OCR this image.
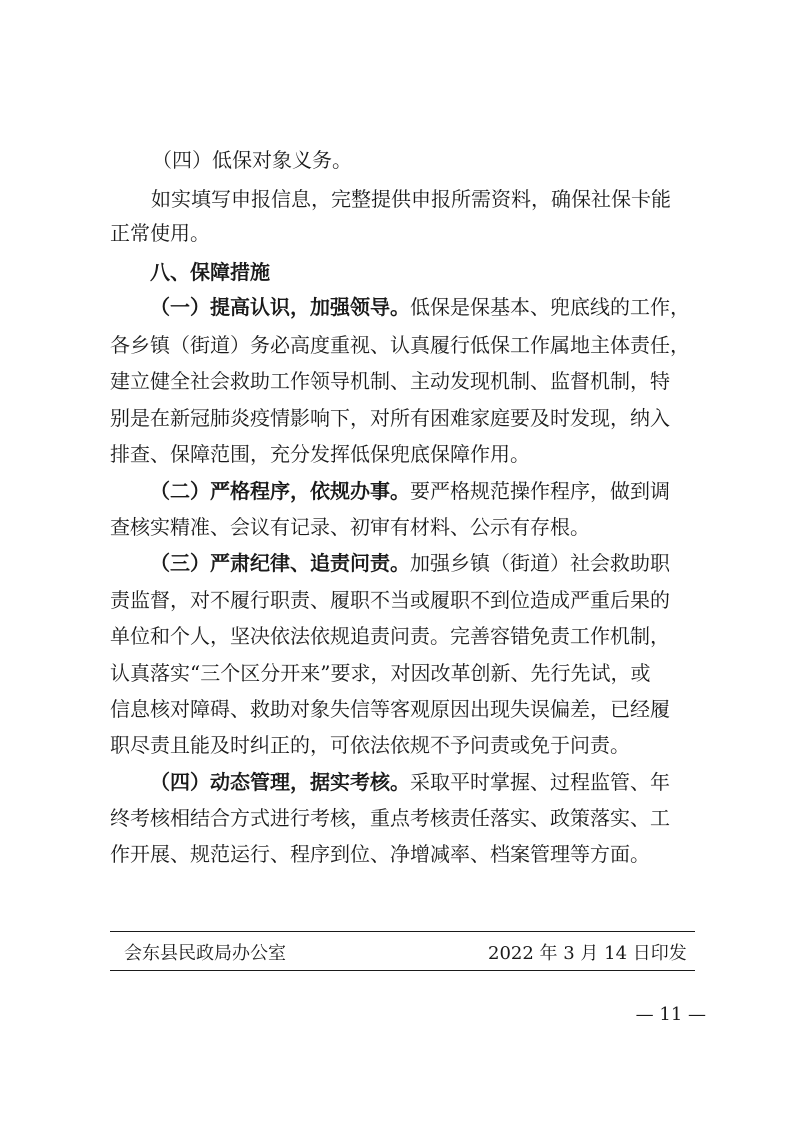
（四）低保对象义务。
如实填写申报信息，完整提供申报所需资料，确保社保卡能
正常使用。
八、保障措施
（一）提高认识，加强领导。低保是保基本、兜底线的工作，
各乡镇（街道）务必高度重视、认真履行低保工作属地主体责任，
建立健全社会救助工作领导机制、主动发现机制、监督机制，特
别是在新冠肺炎疫情影响下，对所有困难家庭要及时发现，纳入
排查、保障范围，充分发挥低保兜底保障作用。
（二）严格程序，依规办事。要严格规范操作程序，做到调
查核实精准、会议有记录、初审有材料、公示有存根。
（三）严肃纪律、追责问责。加强乡镇（街道）社会救助职
责监督，对不履行职责、履职不当或履职不到位造成严重后果的
单位和个人，坚决依法依规追责问责。完善容错免责工作机制，
认真落实“三个区分开来”要求，对因改革创新、先行先试，或
信息核对障碍、救助对象失信等客观原因出现失误偏差，已经履
职尽责且能及时纠正的，可依法依规不予问责或免于问责。
（四）动态管理，据实考核。采取平时掌握、过程监管、年
终考核相结合方式进行考核，重点考核责任落实、政策落实、工
作开展、规范运行、程序到位、净增减率、档案管理等方面。
会东县民政局办公室	2022 年 3 月 14 日印发
— 11 —
